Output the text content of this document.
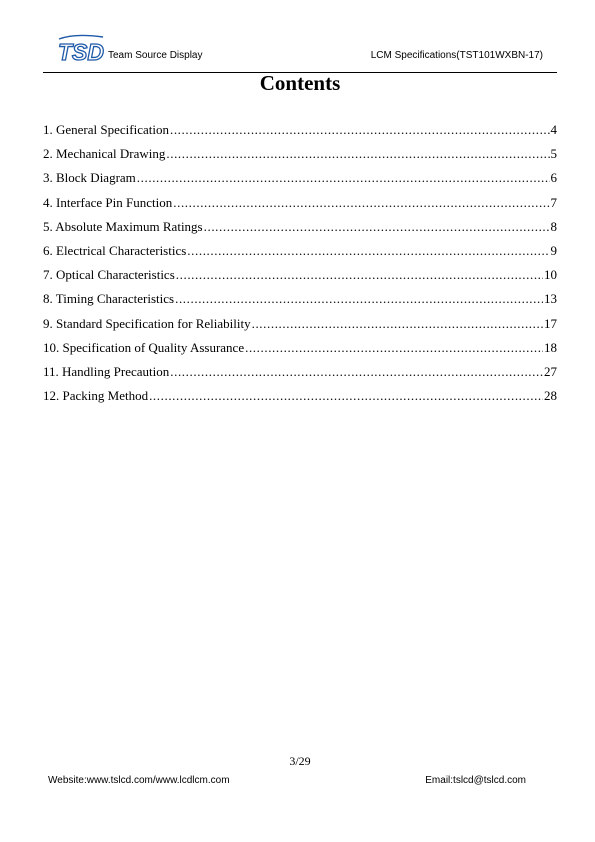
TSD Team Source Display	LCM Specifications(TST101WXBN-17)
Contents
1. General Specification .....	4
2. Mechanical Drawing .....	5
3. Block Diagram .....	6
4. Interface Pin Function .....	7
5. Absolute Maximum Ratings .....	8
6. Electrical Characteristics .....	9
7. Optical Characteristics .....	10
8. Timing Characteristics .....	13
9. Standard Specification for Reliability .....	17
10. Specification of Quality Assurance .....	18
11. Handling Precaution .....	27
12. Packing Method .....	28
3/29
Website:www.tslcd.com/www.lcdlcm.com	Email:tslcd@tslcd.com
